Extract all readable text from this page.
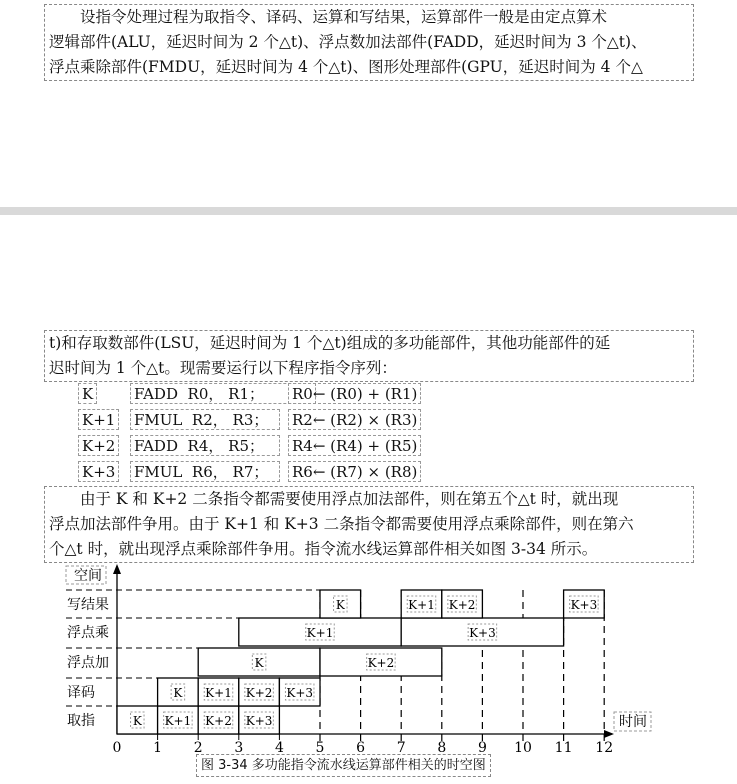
设指令处理过程为取指令、译码、运算和写结果，运算部件一般是由定点算术
逻辑部件(ALU，延迟时间为 2 个△t)、浮点数加法部件(FADD，延迟时间为 3 个△t)、
浮点乘除部件(FMDU，延迟时间为 4 个△t)、图形处理部件(GPU，延迟时间为 4 个△
t)和存取数部件(LSU，延迟时间为 1 个△t)组成的多功能部件，其他功能部件的延
迟时间为 1 个△t。现需要运行以下程序指令序列：
K	FADD R0， R1；	R0← (R0) + (R1)
K+1 FMUL R2， R3；	R2← (R2) × (R3)
K+2 FADD R4， R5；	R4← (R4) + (R5)
K+3 FMUL R6， R7；	R6← (R7) × (R8)
由于 K 和 K+2 二条指令都需要使用浮点加法部件，则在第五个△t 时，就出现
浮点加法部件争用。由于 K+1 和 K+3 二条指令都需要使用浮点乘除部件，则在第六
个△t 时，就出现浮点乘除部件争用。指令流水线运算部件相关如图 3-34 所示。
空间
时间
写结果
浮点乘
浮点加
译码
取指	K K+1 K+2 K+3
K K+1 K+2 K+3
K	K+2
K+1	K+3
K	K+1 K+2	K+3
0 1 2 3 4 5 6 7 8 9 10 11 12
图 3-34 多功能指令流水线运算部件相关的时空图
